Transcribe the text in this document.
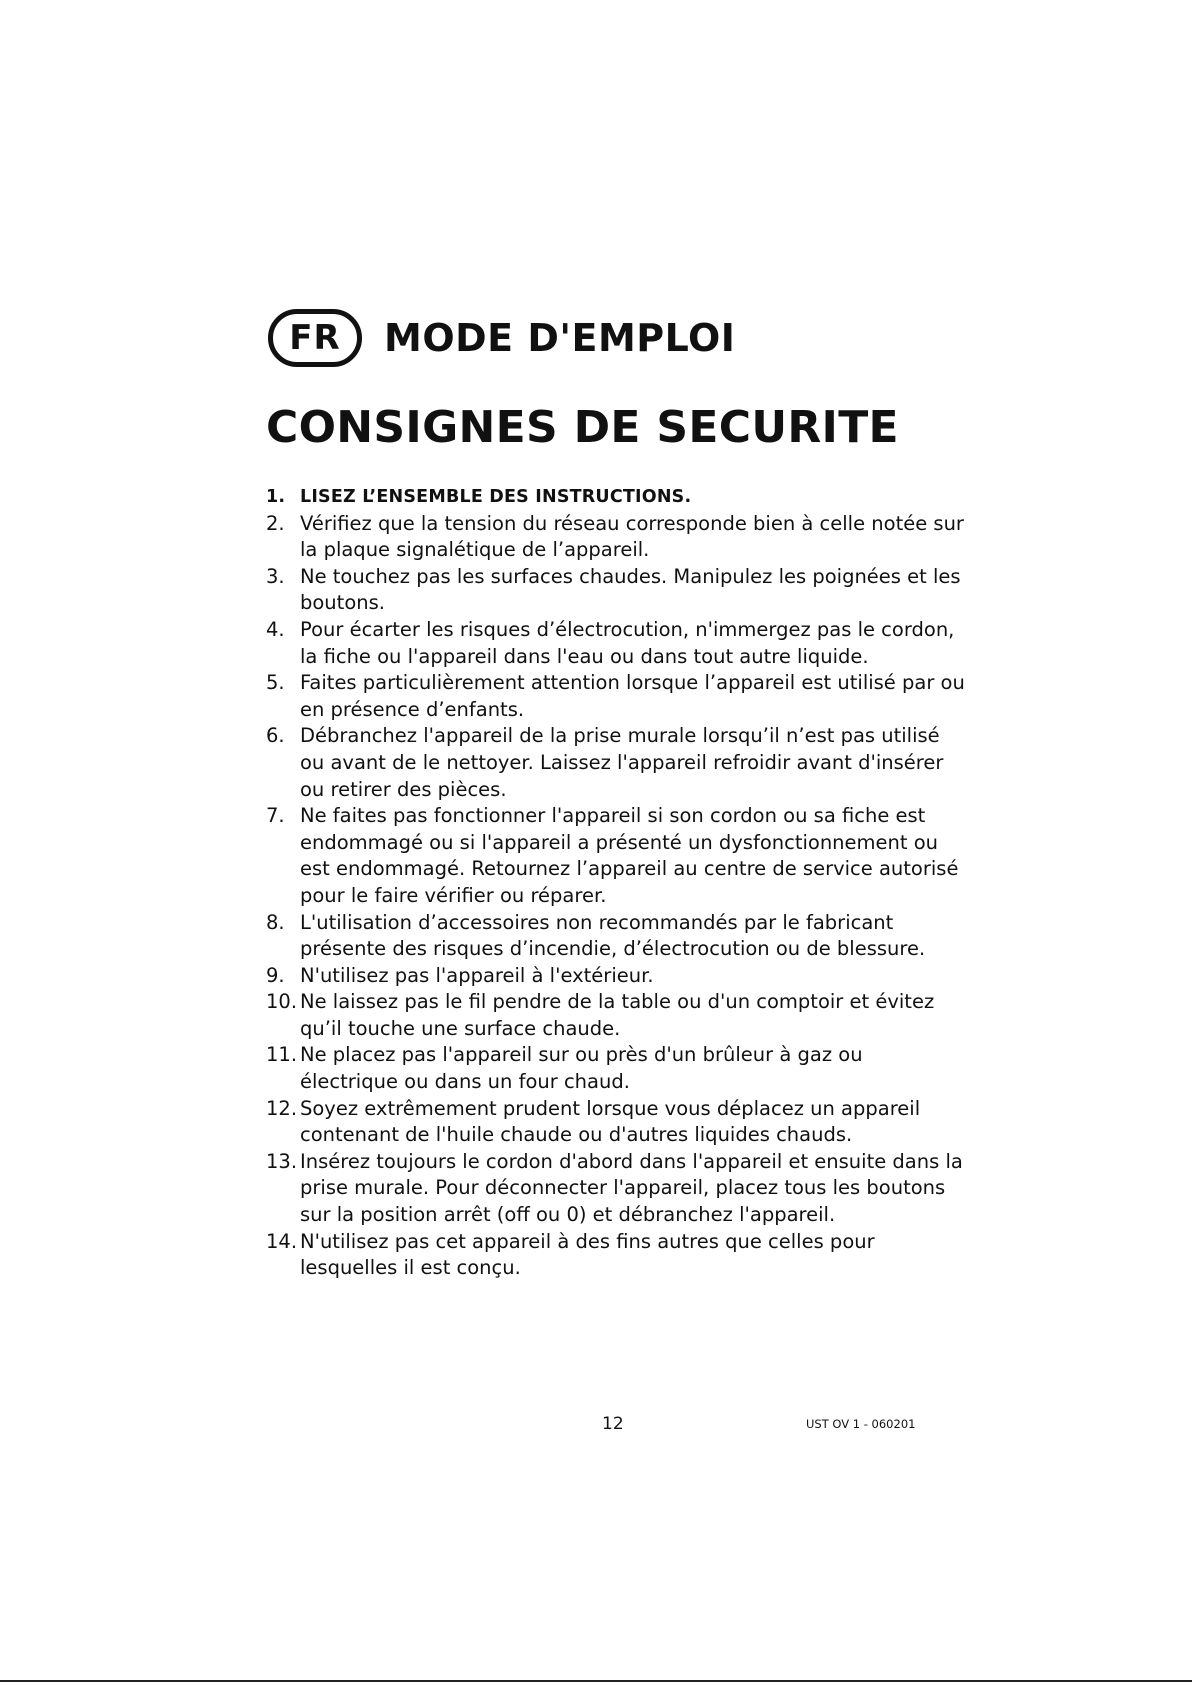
FR	MODE D'EMPLOI
CONSIGNES DE SECURITE
1. LISEZ L’ENSEMBLE DES INSTRUCTIONS.
2. Vérifiez que la tension du réseau corresponde bien à celle notée sur la plaque signalétique de l’appareil.
3. Ne touchez pas les surfaces chaudes. Manipulez les poignées et les boutons.
4. Pour écarter les risques d’électrocution, n'immergez pas le cordon, la fiche ou l'appareil dans l'eau ou dans tout autre liquide.
5. Faites particulièrement attention lorsque l’appareil est utilisé par ou en présence d’enfants.
6. Débranchez l'appareil de la prise murale lorsqu’il n’est pas utilisé ou avant de le nettoyer. Laissez l'appareil refroidir avant d'insérer ou retirer des pièces.
7. Ne faites pas fonctionner l'appareil si son cordon ou sa fiche est endommagé ou si l'appareil a présenté un dysfonctionnement ou est endommagé. Retournez l’appareil au centre de service autorisé pour le faire vérifier ou réparer.
8. L'utilisation d’accessoires non recommandés par le fabricant présente des risques d’incendie, d’électrocution ou de blessure.
9. N'utilisez pas l'appareil à l'extérieur.
10. Ne laissez pas le fil pendre de la table ou d'un comptoir et évitez qu’il touche une surface chaude.
11. Ne placez pas l'appareil sur ou près d'un brûleur à gaz ou électrique ou dans un four chaud.
12. Soyez extrêmement prudent lorsque vous déplacez un appareil contenant de l'huile chaude ou d'autres liquides chauds.
13. Insérez toujours le cordon d'abord dans l'appareil et ensuite dans la prise murale. Pour déconnecter l'appareil, placez tous les boutons sur la position arrêt (off ou 0) et débranchez l'appareil.
14. N'utilisez pas cet appareil à des fins autres que celles pour lesquelles il est conçu.
12	UST OV 1 - 060201
